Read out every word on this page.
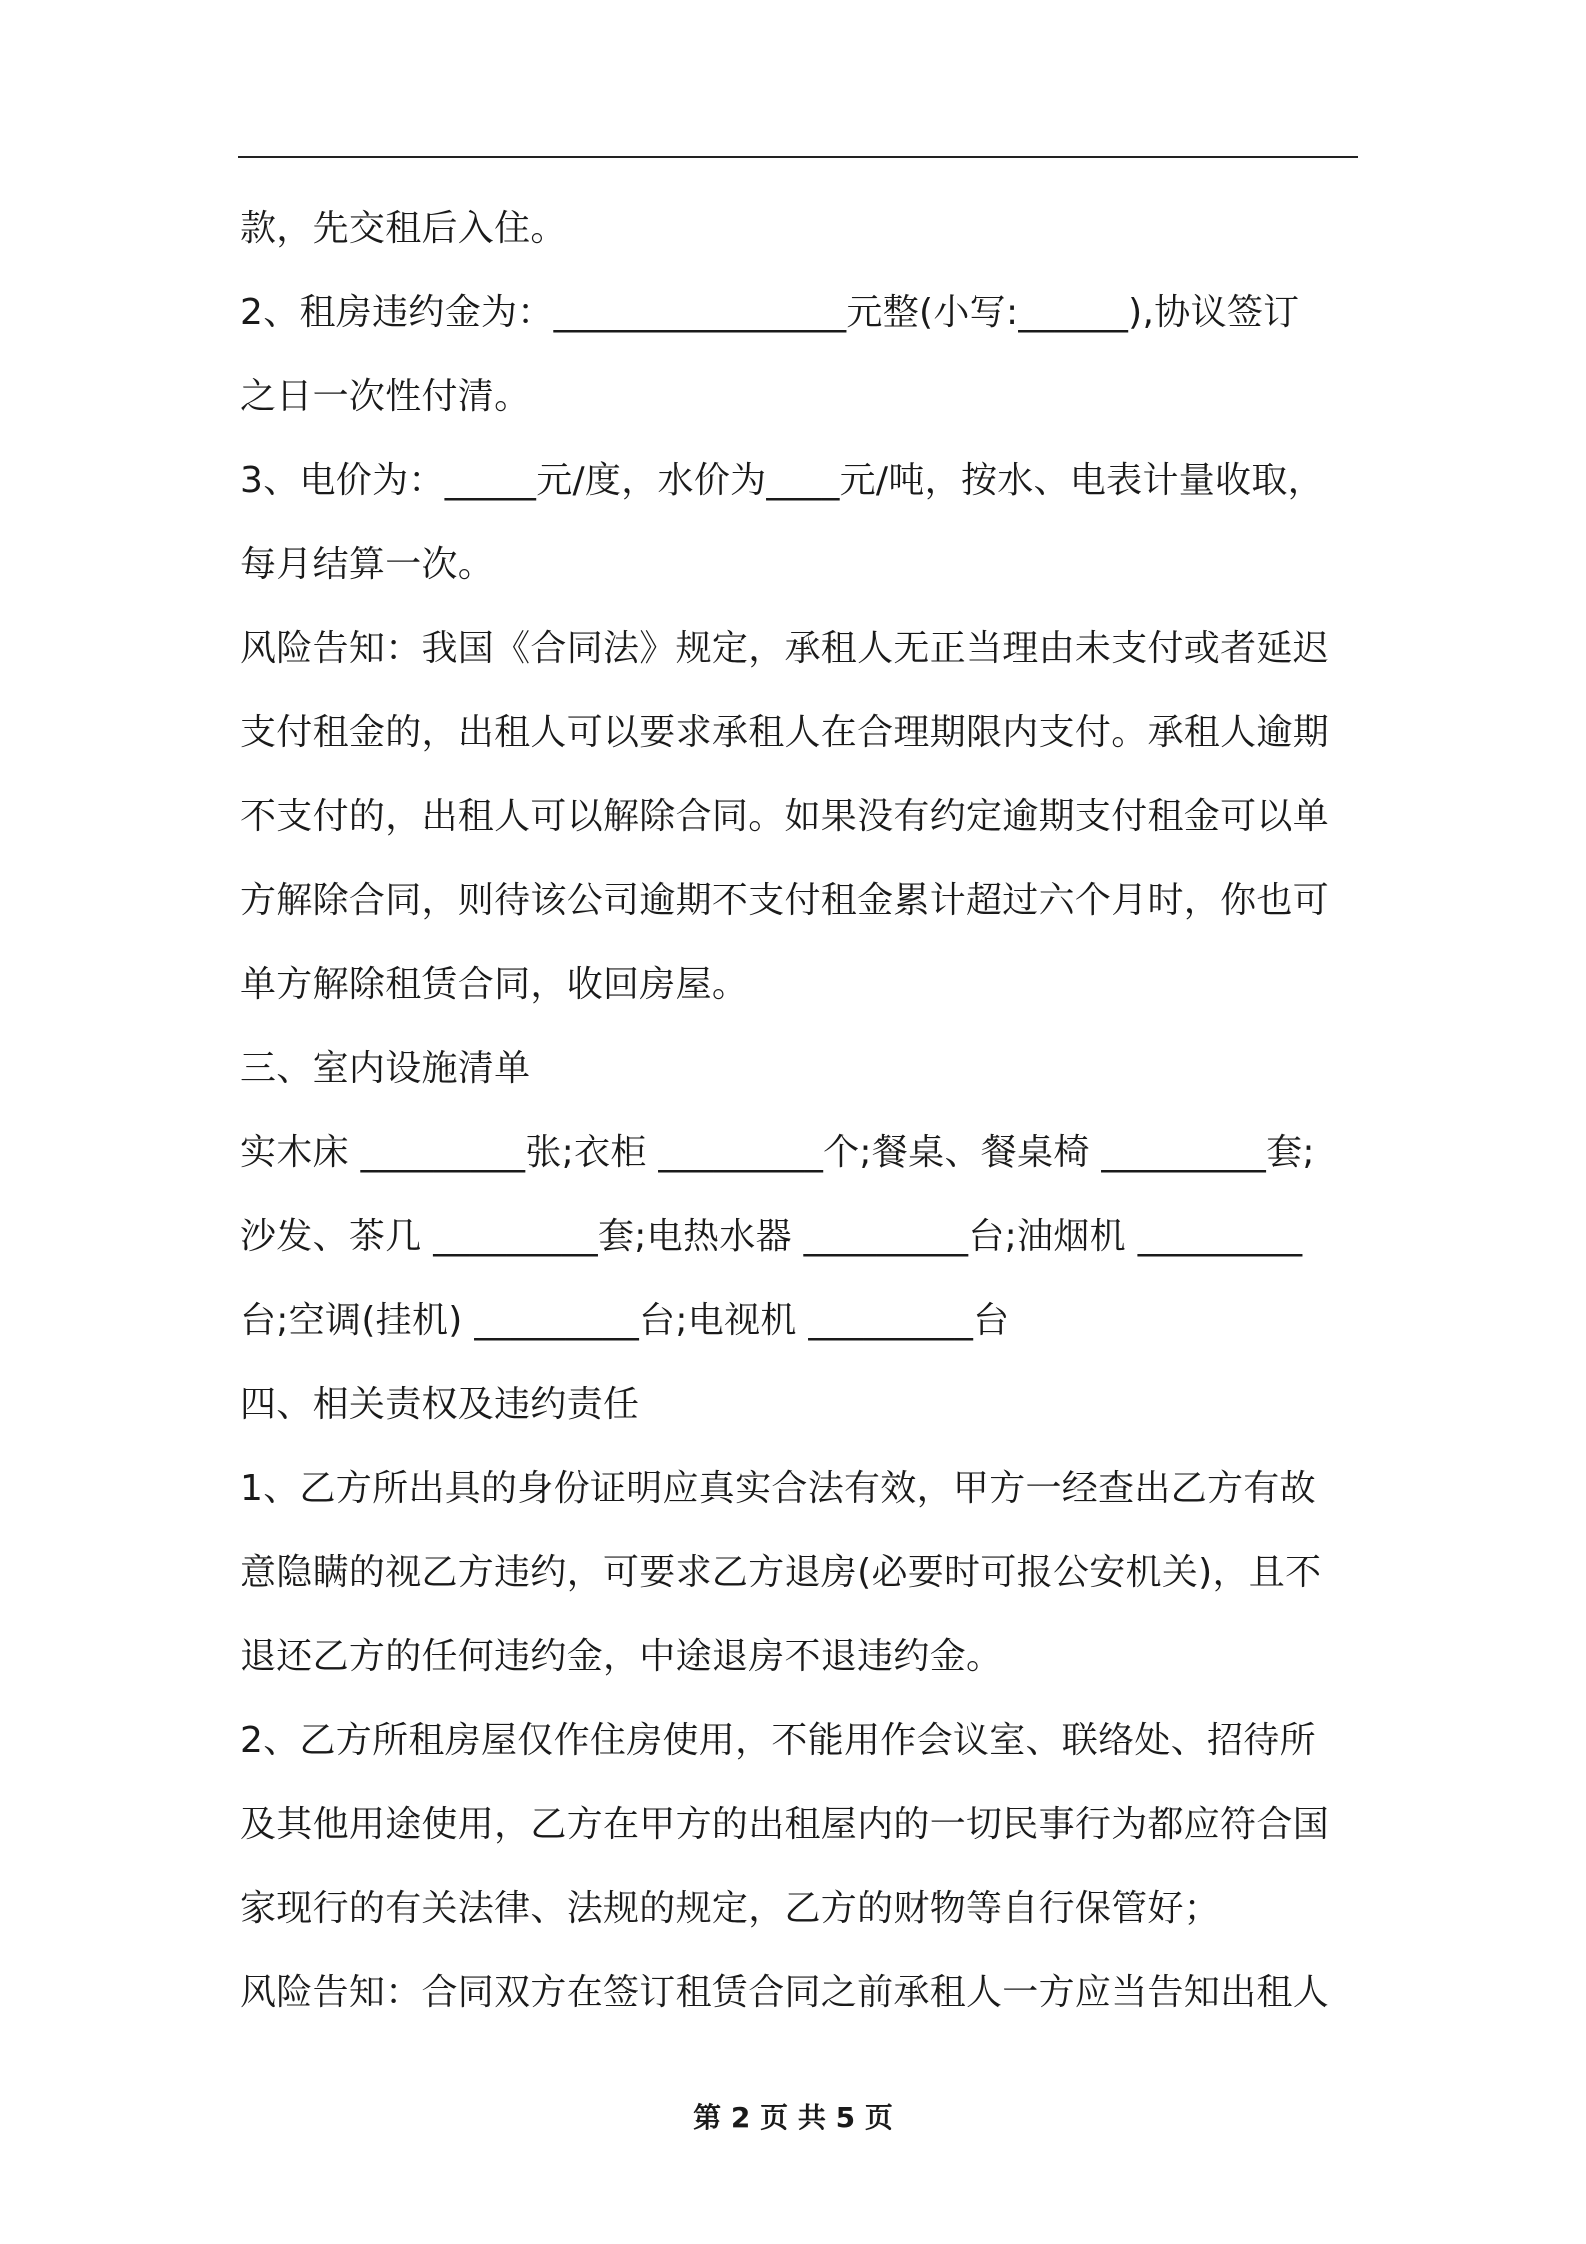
款，先交租后入住。
2、租房违约金为：________________元整(小写:______),协议签订
之日一次性付清。
3、电价为：_____元/度，水价为____元/吨，按水、电表计量收取，
每月结算一次。
风险告知：我国《合同法》规定，承租人无正当理由未支付或者延迟
支付租金的，出租人可以要求承租人在合理期限内支付。承租人逾期
不支付的，出租人可以解除合同。如果没有约定逾期支付租金可以单
方解除合同，则待该公司逾期不支付租金累计超过六个月时，你也可
单方解除租赁合同，收回房屋。
三、室内设施清单
实木床 _________张;衣柜 _________个;餐桌、餐桌椅 _________套;
沙发、茶几 _________套;电热水器 _________台;油烟机 _________
台;空调(挂机) _________台;电视机 _________台
四、相关责权及违约责任
1、乙方所出具的身份证明应真实合法有效，甲方一经查出乙方有故
意隐瞒的视乙方违约，可要求乙方退房(必要时可报公安机关)，且不
退还乙方的任何违约金，中途退房不退违约金。
2、乙方所租房屋仅作住房使用，不能用作会议室、联络处、招待所
及其他用途使用，乙方在甲方的出租屋内的一切民事行为都应符合国
家现行的有关法律、法规的规定，乙方的财物等自行保管好；
风险告知：合同双方在签订租赁合同之前承租人一方应当告知出租人
第 2 页 共 5 页
